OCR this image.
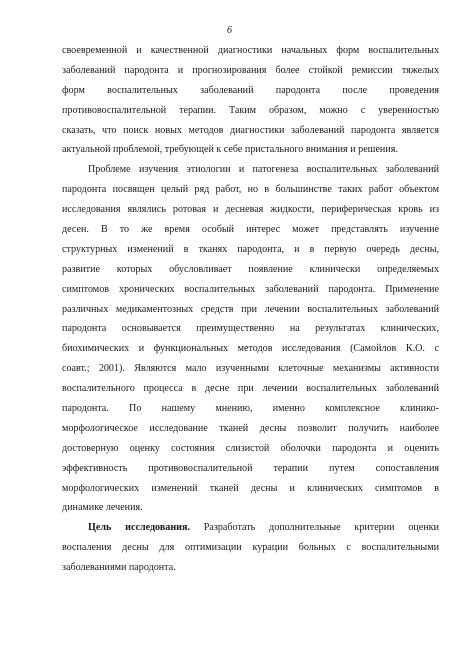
6
своевременной и качественной диагностики начальных форм воспалительных
заболеваний пародонта и прогнозирования более стойкой ремиссии тяжелых
форм воспалительных заболеваний пародонта после проведения
противовоспалительной терапии. Таким образом, можно с уверенностью
сказать, что поиск новых методов диагностики заболеваний пародонта является
актуальной проблемой, требующей к себе пристального внимания и решения.
Проблеме изучения этиологии и патогенеза воспалительных заболеваний
пародонта посвящен целый ряд работ, но в большинстве таких работ объектом
исследования являлись ротовая и десневая жидкости, периферическая кровь из
десен. В то же время особый интерес может представлять изучение
структурных изменений в тканях пародонта, и в первую очередь десны,
развитие которых обусловливает появление клинически определяемых
симптомов хронических воспалительных заболеваний пародонта. Применение
различных медикаментозных средств при лечении воспалительных заболеваний
пародонта основывается преимущественно на результатах клинических,
биохимических и функциональных методов исследования (Самойлов К.О. с
соавт.; 2001). Являются мало изученными клеточные механизмы активности
воспалительного процесса в десне при лечении воспалительных заболеваний
пародонта. По нашему мнению, именно комплексное клинико-
морфологическое исследование тканей десны позволит получить наиболее
достоверную оценку состояния слизистой оболочки пародонта и оценить
эффективность противовоспалительной терапии путем сопоставления
морфологических изменений тканей десны и клинических симптомов в
динамике лечения.
Цель исследования. Разработать дополнительные критерии оценки
воспаления десны для оптимизации курации больных с воспалительными
заболеваниями пародонта.
